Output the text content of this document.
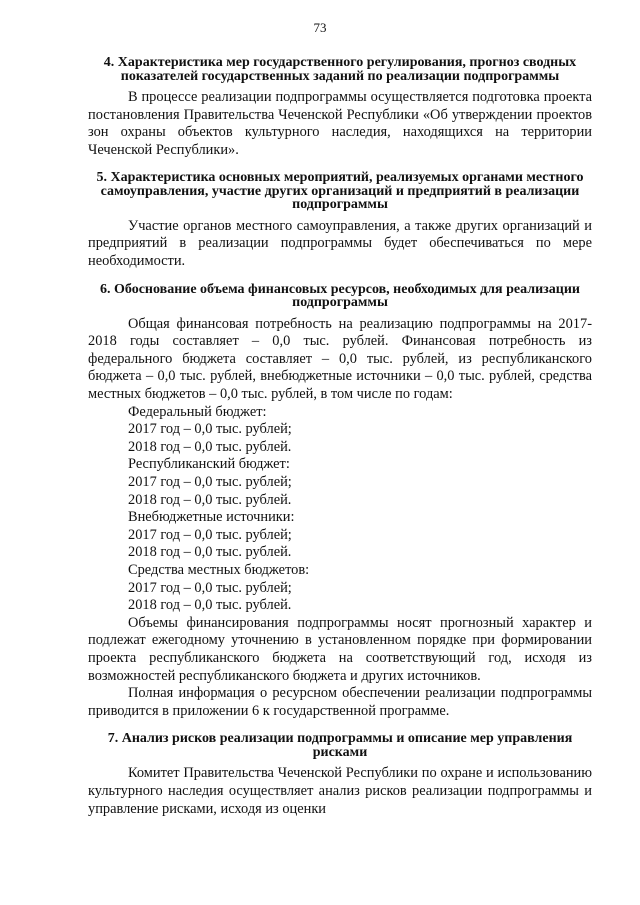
73
4. Характеристика мер государственного регулирования, прогноз сводных показателей государственных заданий по реализации подпрограммы

В процессе реализации подпрограммы осуществляется подготовка проекта постановления Правительства Чеченской Республики «Об утверждении проектов зон охраны объектов культурного наследия, находящихся на территории Чеченской Республики».

5. Характеристика основных мероприятий, реализуемых органами местного самоуправления, участие других организаций и предприятий в реализации подпрограммы

Участие органов местного самоуправления, а также других организаций и предприятий в реализации подпрограммы будет обеспечиваться по мере необходимости.

6. Обоснование объема финансовых ресурсов, необходимых для реализации подпрограммы

Общая финансовая потребность на реализацию подпрограммы на 2017-2018 годы составляет – 0,0 тыс. рублей. Финансовая потребность из федерального бюджета составляет – 0,0 тыс. рублей, из республиканского бюджета – 0,0 тыс. рублей, внебюджетные источники – 0,0 тыс. рублей, средства местных бюджетов – 0,0 тыс. рублей, в том числе по годам:

Федеральный бюджет:

2017 год – 0,0 тыс. рублей;

2018 год – 0,0 тыс. рублей.

Республиканский бюджет:

2017 год – 0,0 тыс. рублей;

2018 год – 0,0 тыс. рублей.

Внебюджетные источники:

2017 год – 0,0 тыс. рублей;

2018 год – 0,0 тыс. рублей.

Средства местных бюджетов:

2017 год – 0,0 тыс. рублей;

2018 год – 0,0 тыс. рублей.

Объемы финансирования подпрограммы носят прогнозный характер и подлежат ежегодному уточнению в установленном порядке при формировании проекта республиканского бюджета на соответствующий год, исходя из возможностей республиканского бюджета и других источников.

Полная информация о ресурсном обеспечении реализации подпрограммы приводится в приложении 6 к государственной программе.

7. Анализ рисков реализации подпрограммы и описание мер управления рисками

Комитет Правительства Чеченской Республики по охране и использованию культурного наследия осуществляет анализ рисков реализации подпрограммы и управление рисками, исходя из оценки
